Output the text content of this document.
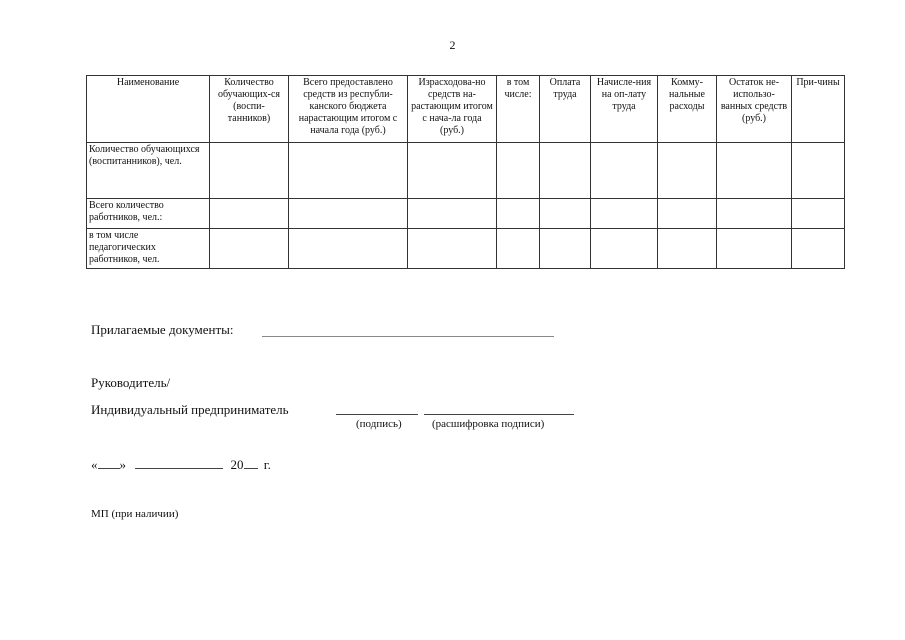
2
Наименование	Количество обучающих-ся (воспи-танников)	Всего предоставлено средств из республи-канского бюджета нарастающим итогом с начала года (руб.)	Израсходова-но средств на-растающим итогом с нача-ла года (руб.)	в том числе:	Оплата труда	Начисле-ния на оп-лату труда	Комму-нальные расходы	Остаток не-использо-ванных средств (руб.)	При-чины
Количество обучающихся (воспитанников), чел.									
Всего количество работников, чел.:									
в том числе педагогических работников, чел.									
Прилагаемые документы:
Руководитель/
Индивидуальный предприниматель
(подпись)	(расшифровка подписи)
« »	20 г.
МП (при наличии)
